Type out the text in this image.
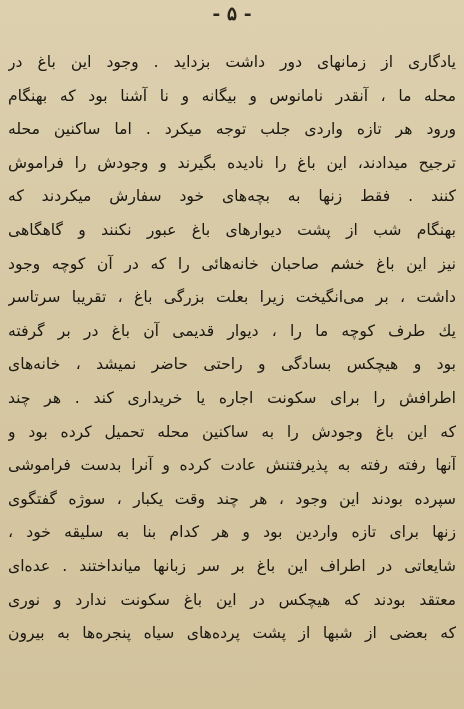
- ۵ -
یادگاری از زمانهای دور داشت بزداید . وجود این باغ در
محله ما ، آنقدر نامانوس و بیگانه و نا آشنا بود که بهنگام
ورود هر تازه واردی جلب توجه میکرد . اما ساکنین محله
ترجیح میدادند، این باغ را نادیده بگیرند و وجودش را فراموش
کنند . فقط زنها به بچه‌های خود سفارش میکردند که
بهنگام شب از پشت دیوارهای باغ عبور نکنند و گاهگاهی
نیز این باغ خشم صاحبان خانه‌هائی را که در آن کوچه وجود
داشت ، بر می‌انگیخت زیرا بعلت بزرگی باغ ، تقریبا سرتاسر
یك طرف کوچه ما را ، دیوار قدیمی آن باغ در بر گرفته
بود و هیچکس بسادگی و راحتی حاضر نمیشد ، خانه‌های
اطرافش را برای سکونت اجاره یا خریداری کند . هر چند
که این باغ وجودش را به ساکنین محله تحمیل کرده بود و
آنها رفته رفته به پذیرفتنش عادت کرده و آنرا بدست فراموشی
سپرده بودند این وجود ، هر چند وقت یکبار ، سوژه گفتگوی
زنها برای تازه واردین بود و هر کدام بنا به سلیقه خود ،
شایعاتی در اطراف این باغ بر سر زبانها میانداختند . عده‌ای
معتقد بودند که هیچکس در این باغ سکونت ندارد و نوری
که بعضی از شبها از پشت پرده‌های سیاه پنجره‌ها به بیرون
